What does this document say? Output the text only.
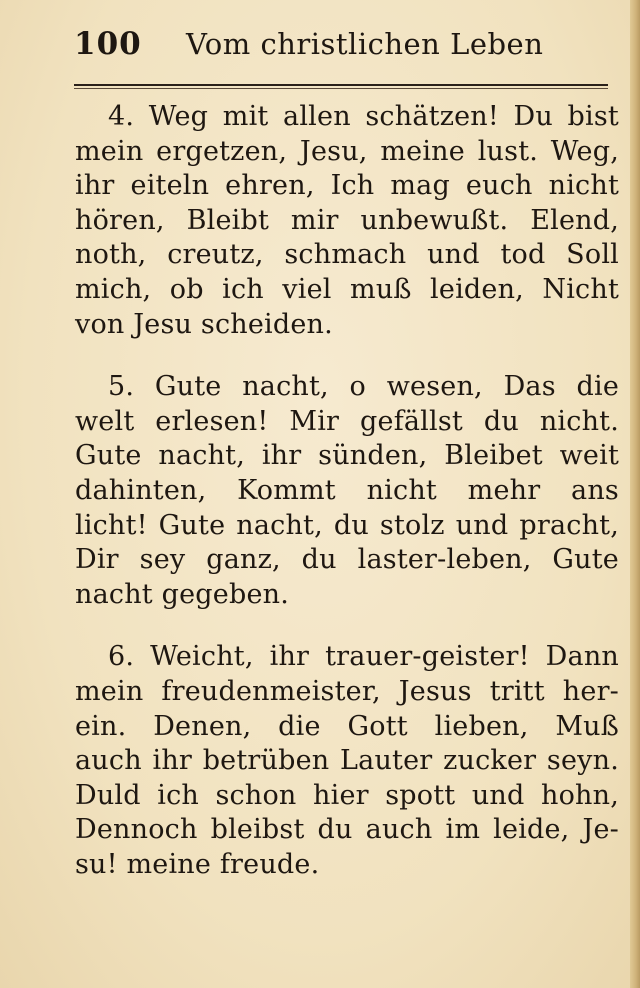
100 Vom christlichen Leben
4. Weg mit allen schätzen! Du bist
mein ergetzen, Jesu, meine lust. Weg,
ihr eiteln ehren, Ich mag euch nicht
hören, Bleibt mir unbewußt. Elend,
noth, creutz, schmach und tod Soll
mich, ob ich viel muß leiden, Nicht
von Jesu scheiden.
5. Gute nacht, o wesen, Das die
welt erlesen! Mir gefällst du nicht.
Gute nacht, ihr sünden, Bleibet weit
dahinten, Kommt nicht mehr ans
licht! Gute nacht, du stolz und pracht,
Dir sey ganz, du laster-leben, Gute
nacht gegeben.
6. Weicht, ihr trauer-geister! Dann
mein freudenmeister, Jesus tritt her-
ein. Denen, die Gott lieben, Muß
auch ihr betrüben Lauter zucker seyn.
Duld ich schon hier spott und hohn,
Dennoch bleibst du auch im leide, Je-
su! meine freude.
